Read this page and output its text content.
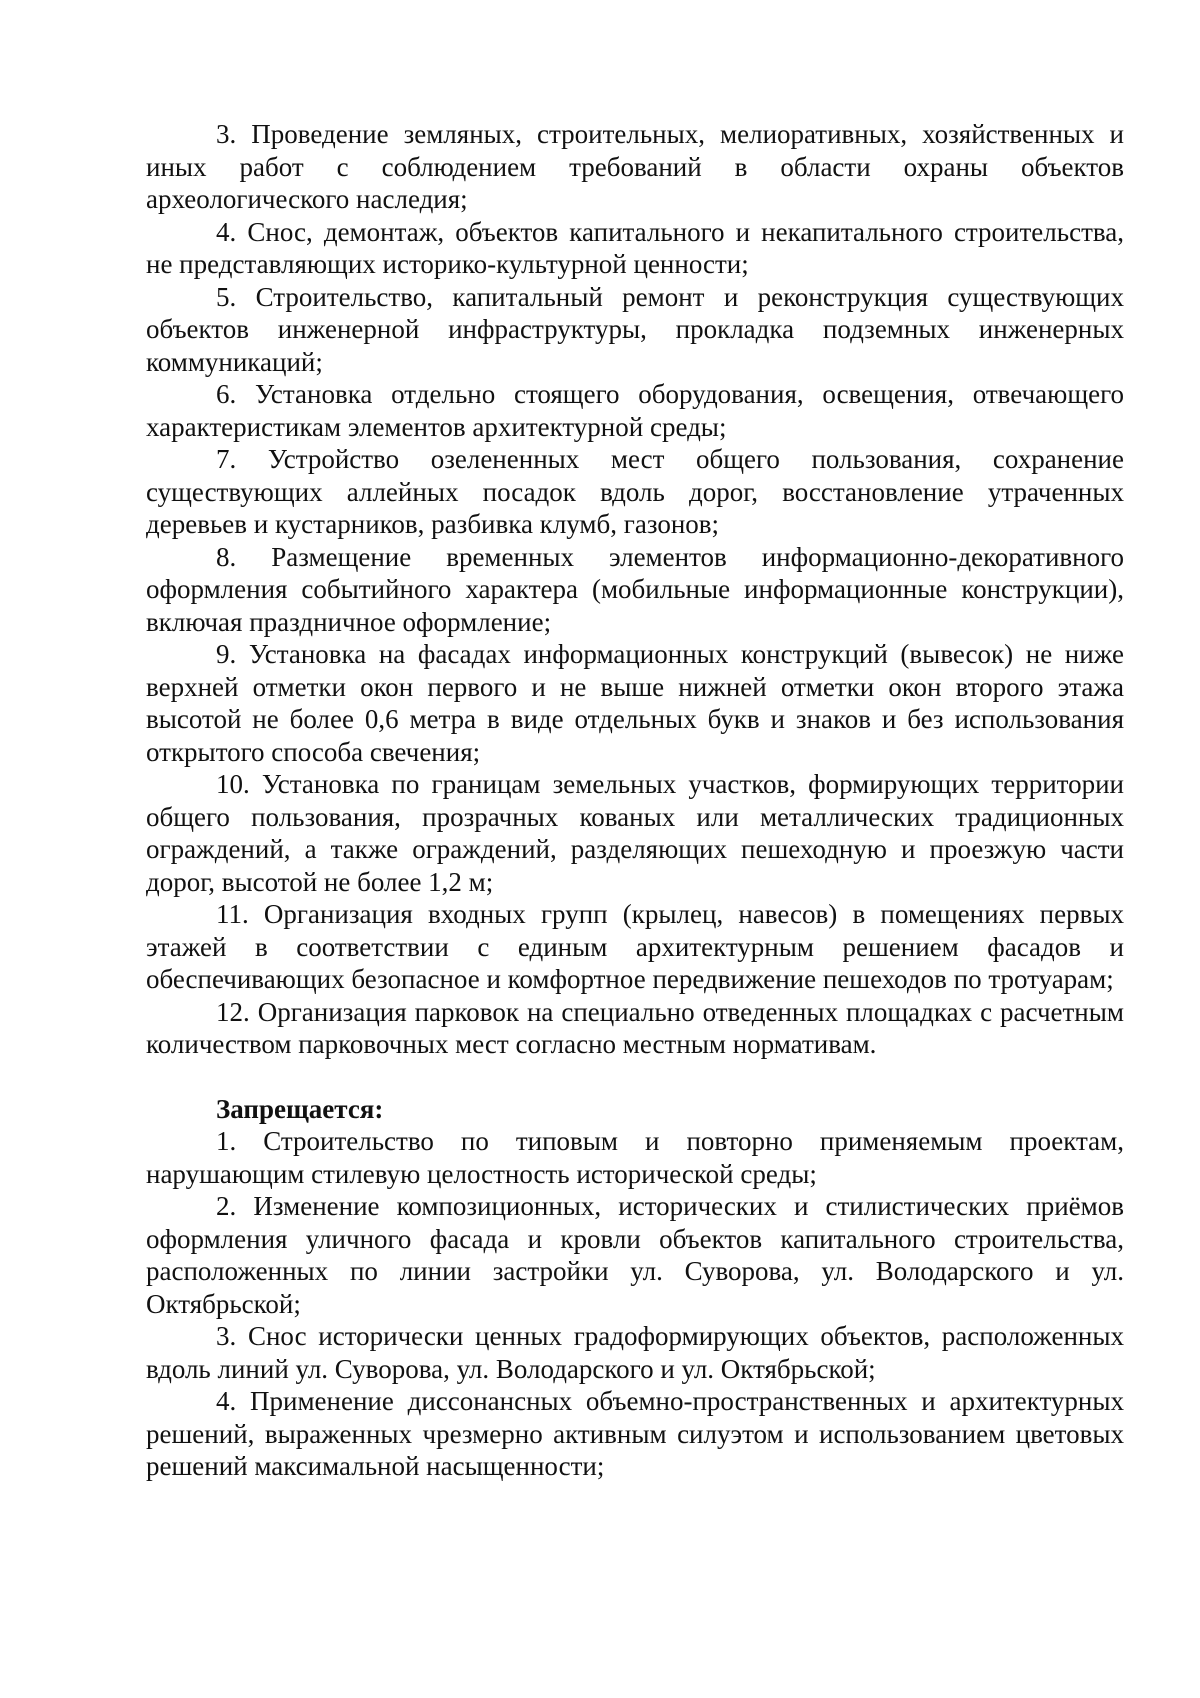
3. Проведение земляных, строительных, мелиоративных, хозяйственных и иных работ с соблюдением требований в области охраны объектов археологического наследия;

4. Снос, демонтаж, объектов капитального и некапитального строительства, не представляющих историко-культурной ценности;

5. Строительство, капитальный ремонт и реконструкция существующих объектов инженерной инфраструктуры, прокладка подземных инженерных коммуникаций;

6. Установка отдельно стоящего оборудования, освещения, отвечающего характеристикам элементов архитектурной среды;

7. Устройство озелененных мест общего пользования, сохранение существующих аллейных посадок вдоль дорог, восстановление утраченных деревьев и кустарников, разбивка клумб, газонов;

8. Размещение временных элементов информационно-декоративного оформления событийного характера (мобильные информационные конструкции), включая праздничное оформление;

9. Установка на фасадах информационных конструкций (вывесок) не ниже верхней отметки окон первого и не выше нижней отметки окон второго этажа высотой не более 0,6 метра в виде отдельных букв и знаков и без использования открытого способа свечения;

10. Установка по границам земельных участков, формирующих территории общего пользования, прозрачных кованых или металлических традиционных ограждений, а также ограждений, разделяющих пешеходную и проезжую части дорог, высотой не более 1,2 м;

11. Организация входных групп (крылец, навесов) в помещениях первых этажей в соответствии с единым архитектурным решением фасадов и обеспечивающих безопасное и комфортное передвижение пешеходов по тротуарам;

12. Организация парковок на специально отведенных площадках с расчетным количеством парковочных мест согласно местным нормативам.

Запрещается:

1. Строительство по типовым и повторно применяемым проектам, нарушающим стилевую целостность исторической среды;

2. Изменение композиционных, исторических и стилистических приёмов оформления уличного фасада и кровли объектов капитального строительства, расположенных по линии застройки ул. Суворова, ул. Володарского и ул. Октябрьской;

3. Снос исторически ценных градоформирующих объектов, расположенных вдоль линий ул. Суворова, ул. Володарского и ул. Октябрьской;

4. Применение диссонансных объемно-пространственных и архитектурных решений, выраженных чрезмерно активным силуэтом и использованием цветовых решений максимальной насыщенности;
